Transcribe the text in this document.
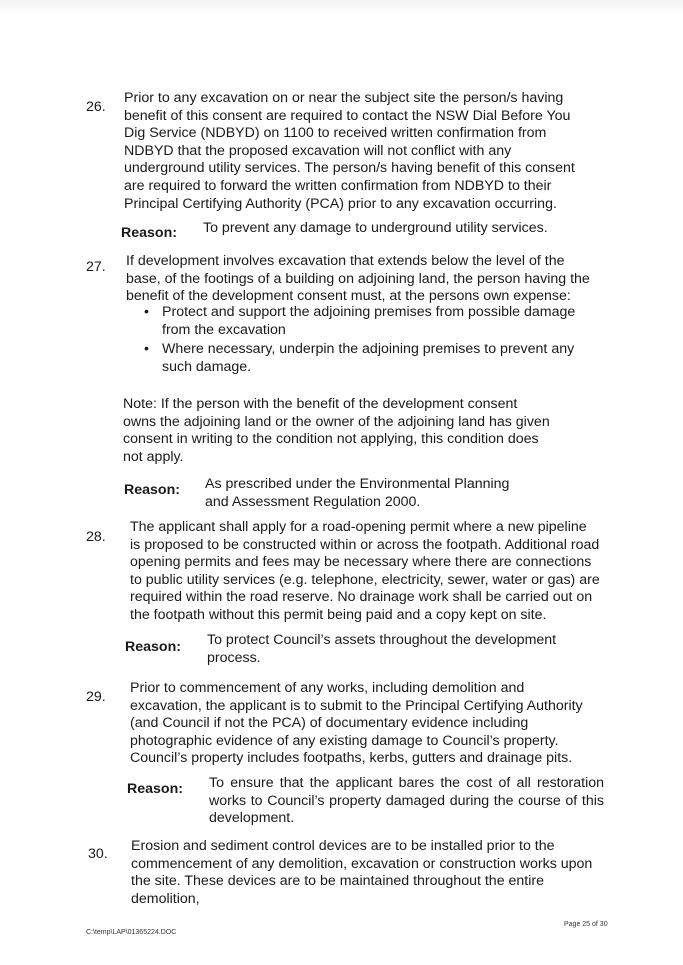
26.
Prior to any excavation on or near the subject site the person/s having benefit of this consent are required to contact the NSW Dial Before You Dig Service (NDBYD) on 1100 to received written confirmation from NDBYD that the proposed excavation will not conflict with any underground utility services. The person/s having benefit of this consent are required to forward the written confirmation from NDBYD to their Principal Certifying Authority (PCA) prior to any excavation occurring.
Reason: To prevent any damage to underground utility services.
27. If development involves excavation that extends below the level of the base, of the footings of a building on adjoining land, the person having the benefit of the development consent must, at the persons own expense:
• Protect and support the adjoining premises from possible damage from the excavation
• Where necessary, underpin the adjoining premises to prevent any such damage.
Note: If the person with the benefit of the development consent owns the adjoining land or the owner of the adjoining land has given consent in writing to the condition not applying, this condition does not apply.
Reason: As prescribed under the Environmental Planning and Assessment Regulation 2000.
28.
The applicant shall apply for a road-opening permit where a new pipeline is proposed to be constructed within or across the footpath. Additional road opening permits and fees may be necessary where there are connections to public utility services (e.g. telephone, electricity, sewer, water or gas) are required within the road reserve. No drainage work shall be carried out on the footpath without this permit being paid and a copy kept on site.
Reason: To protect Council’s assets throughout the development process.
29.
Prior to commencement of any works, including demolition and excavation, the applicant is to submit to the Principal Certifying Authority (and Council if not the PCA) of documentary evidence including photographic evidence of any existing damage to Council’s property. Council’s property includes footpaths, kerbs, gutters and drainage pits.
Reason: To ensure that the applicant bares the cost of all restoration works to Council’s property damaged during the course of this development.
30. Erosion and sediment control devices are to be installed prior to the commencement of any demolition, excavation or construction works upon the site. These devices are to be maintained throughout the entire demolition,
C:\temp\LAP\01365224.DOC
Page 25 of 30
